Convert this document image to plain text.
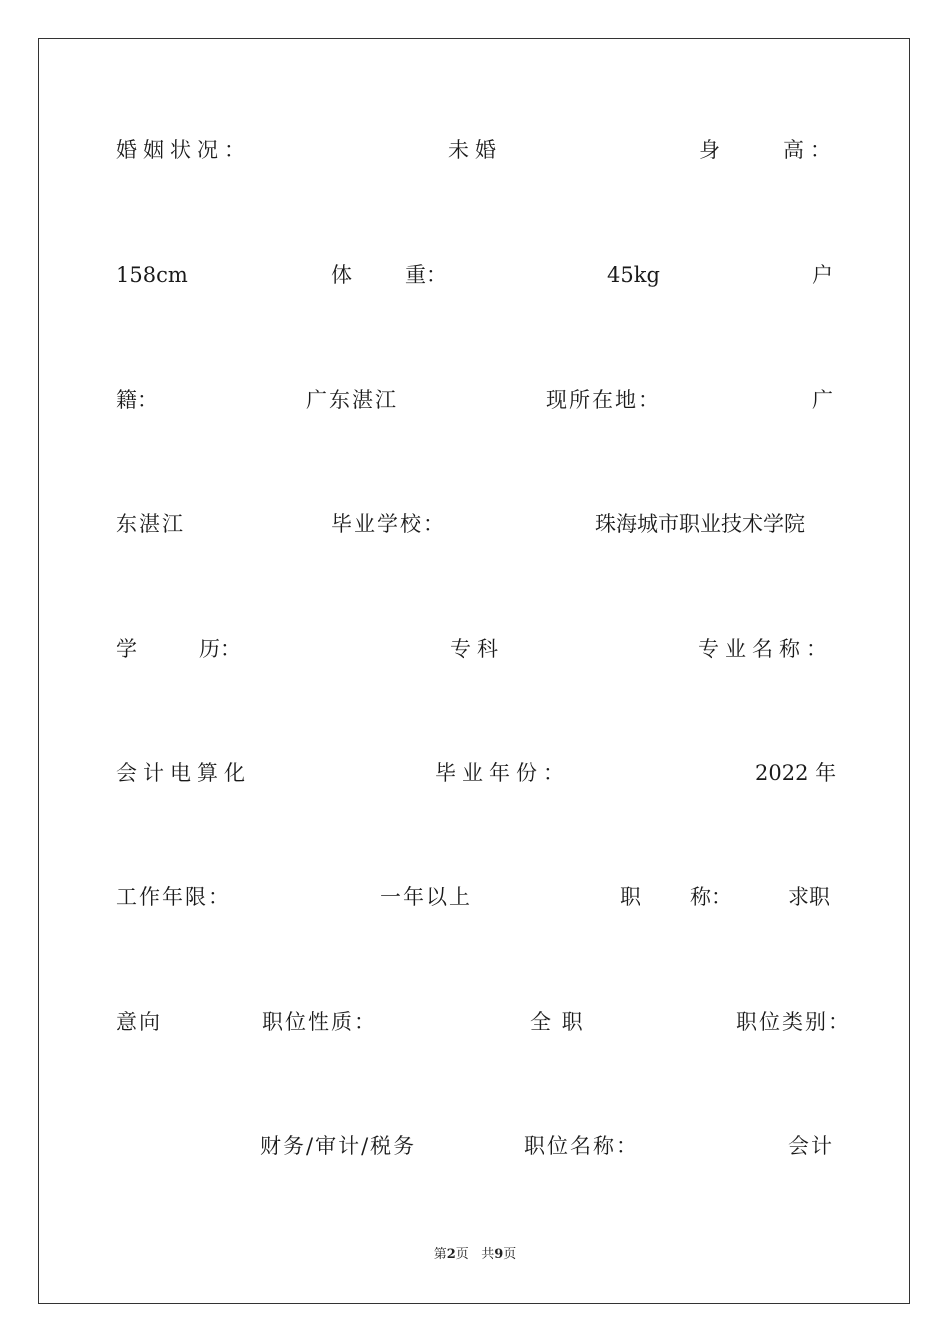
婚姻状况：	未婚	身	高：
158cm	体	重：	45kg	户
籍：	广东湛江	现所在地：	广
东湛江	毕业学校：	珠海城市职业技术学院
学	历：	专科	专业名称：
会计电算化	毕业年份：	2022 年
工作年限：	一年以上	职 称：	求职
意向	职位性质：	全 职	职位类别：
财务/审计/税务	职位名称：	会计
第2页 共9页
